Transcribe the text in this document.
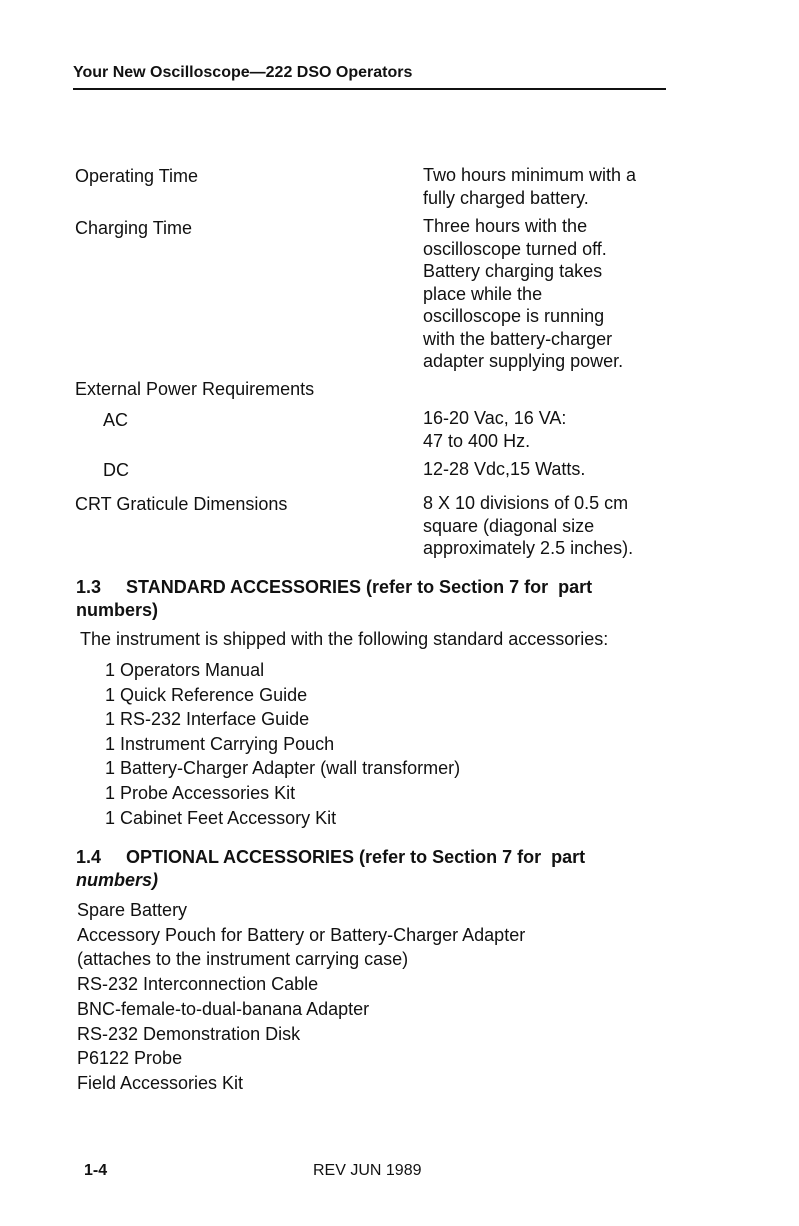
Your New Oscilloscope—222 DSO Operators
Operating Time	Two hours minimum with a
fully charged battery.
Charging Time	Three hours with the
oscilloscope turned off.
Battery charging takes
place while the
oscilloscope is running
with the battery-charger
adapter supplying power.
External Power Requirements
AC	16-20 Vac, 16 VA:
47 to 400 Hz.
DC	12-28 Vdc,15 Watts.
CRT Graticule Dimensions	8 X 10 divisions of 0.5 cm
square (diagonal size
approximately 2.5 inches).
1.3     STANDARD ACCESSORIES (refer to Section 7 for  part
numbers)
The instrument is shipped with the following standard accessories:
1 Operators Manual
1 Quick Reference Guide
1 RS-232 Interface Guide
1 Instrument Carrying Pouch
1 Battery-Charger Adapter (wall transformer)
1 Probe Accessories Kit
1 Cabinet Feet Accessory Kit
1.4     OPTIONAL ACCESSORIES (refer to Section 7 for  part
numbers)
Spare Battery
Accessory Pouch for Battery or Battery-Charger Adapter
(attaches to the instrument carrying case)
RS-232 Interconnection Cable
BNC-female-to-dual-banana Adapter
RS-232 Demonstration Disk
P6122 Probe
Field Accessories Kit
1-4	REV JUN 1989
